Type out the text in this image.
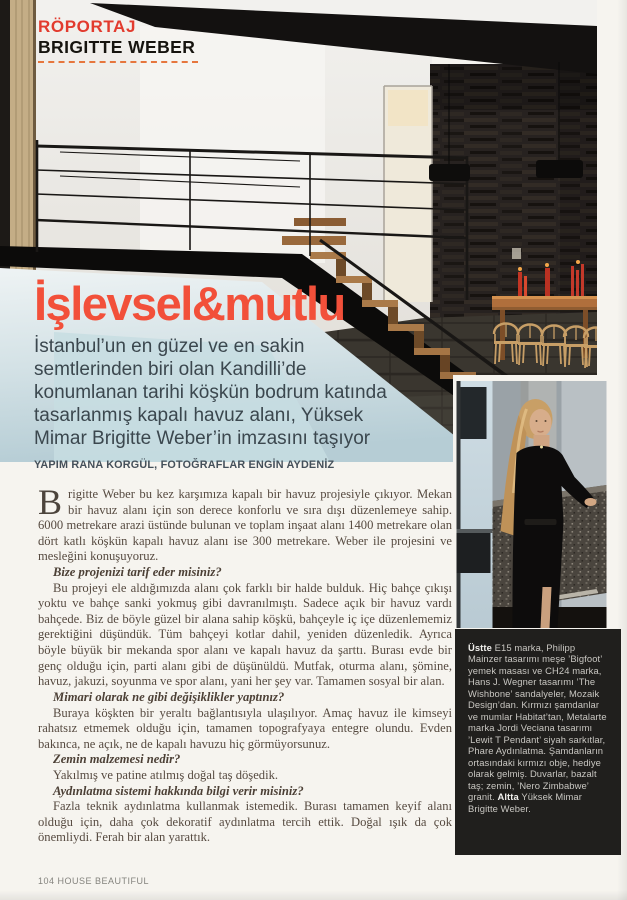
RÖPORTAJ
BRIGITTE WEBER
İşlevsel&mutlu
İstanbul’un en güzel ve en sakin
semtlerinden biri olan Kandilli’de
konumlanan tarihi köşkün bodrum katında
tasarlanmış kapalı havuz alanı, Yüksek
Mimar Brigitte Weber’in imzasını taşıyor
YAPIM RANA KORGÜL, FOTOĞRAFLAR ENGİN AYDENİZ

Brigitte Weber bu kez karşımıza kapalı bir havuz projesiyle çıkıyor. Mekan bir havuz alanı için son derece konforlu ve sıra dışı düzenlemeye sahip. 6000 metrekare arazi üstünde bulunan ve toplam inşaat alanı 1400 metrekare olan dört katlı köşkün kapalı havuz alanı ise 300 metrekare. Weber ile projesini ve mesleğini konuşuyoruz.

Bize projenizi tarif eder misiniz?

Bu projeyi ele aldığımızda alanı çok farklı bir halde bulduk. Hiç bahçe çıkışı yoktu ve bahçe sanki yokmuş gibi davranılmıştı. Sadece açık bir havuz vardı bahçede. Biz de böyle güzel bir alana sahip köşkü, bahçeyle iç içe düzenlememiz gerektiğini düşündük. Tüm bahçeyi kotlar dahil, yeniden düzenledik. Ayrıca böyle büyük bir mekanda spor alanı ve kapalı havuz da şarttı. Burası evde bir genç olduğu için, parti alanı gibi de düşünüldü. Mutfak, oturma alanı, şömine, havuz, jakuzi, soyunma ve spor alanı, yani her şey var. Tamamen sosyal bir alan.

Mimari olarak ne gibi değişiklikler yaptınız?

Buraya köşkten bir yeraltı bağlantısıyla ulaşılıyor. Amaç havuz ile kimseyi rahatsız etmemek olduğu için, tamamen topografyaya entegre olundu. Evden bakınca, ne açık, ne de kapalı havuzu hiç görmüyorsunuz.

Zemin malzemesi nedir?

Yakılmış ve patine atılmış doğal taş döşedik.

Aydınlatma sistemi hakkında bilgi verir misiniz?

Fazla teknik aydınlatma kullanmak istemedik. Burası tamamen keyif alanı olduğu için, daha çok dekoratif aydınlatma tercih ettik. Doğal ışık da çok önemliydi. Ferah bir alan yarattık.

Üstte E15 marka, Philipp Mainzer tasarımı meşe ’Bigfoot’ yemek masası ve CH24 marka, Hans J. Wegner tasarımı ’The Wishbone’ sandalyeler, Mozaik Design’dan. Kırmızı şamdanlar ve mumlar Habitat’tan, Metalarte marka Jordi Veciana tasarımı ’Lewit T Pendant’ siyah sarkıtlar, Phare Aydınlatma. Şamdanların ortasındaki kırmızı obje, hediye olarak gelmiş. Duvarlar, bazalt taş; zemin, ’Nero Zimbabwe’ granit. Altta Yüksek Mimar Brigitte Weber.

104 HOUSE BEAUTIFUL
